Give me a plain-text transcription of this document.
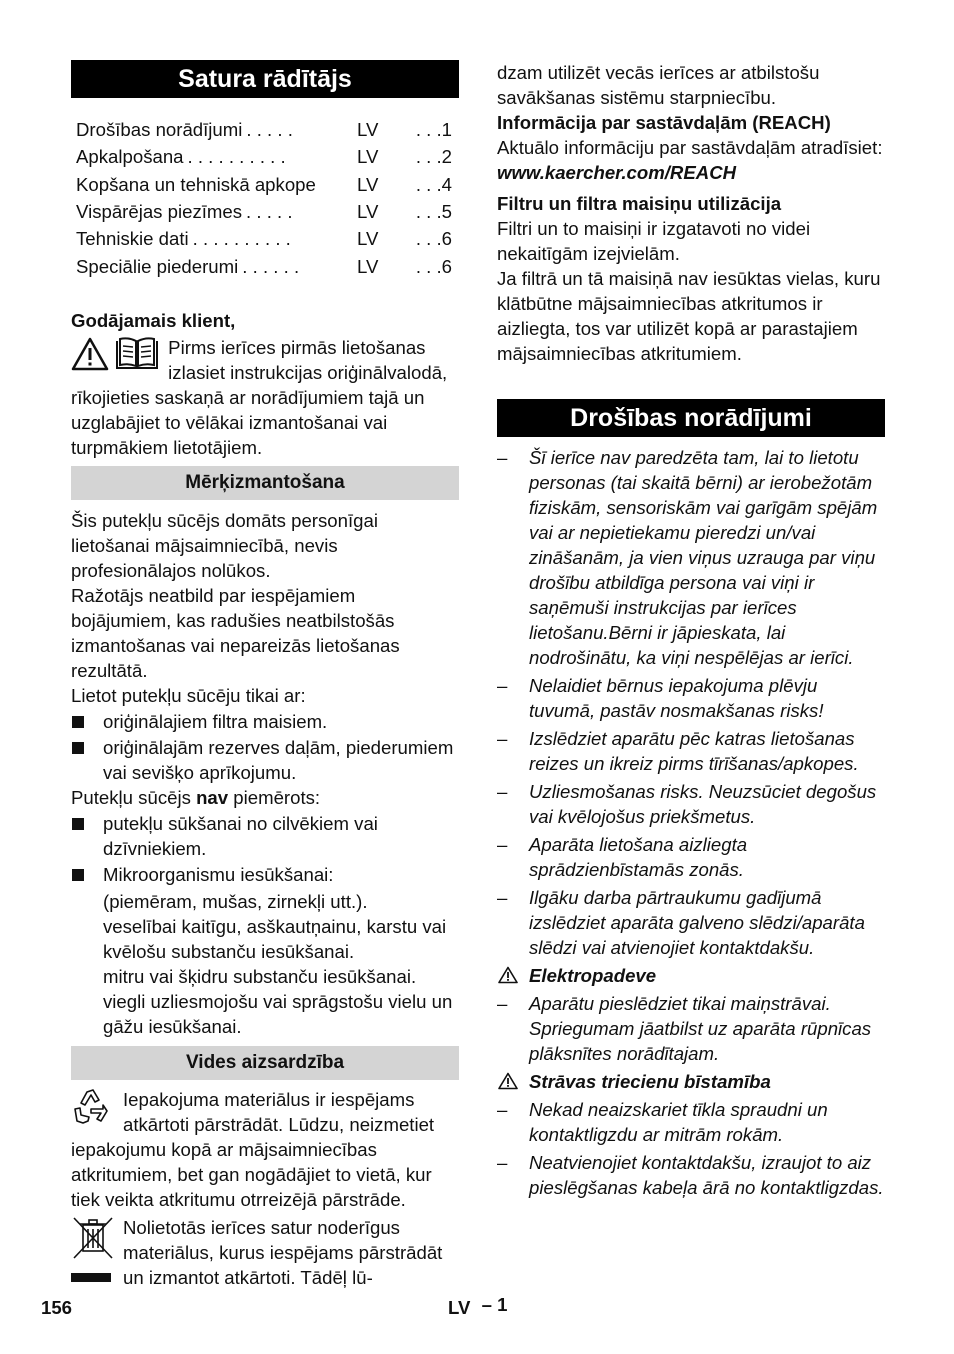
Satura rādītājs
Drošības norādījumi . . . . .	LV	. . .1
Apkalpošana . . . . . . . . . .	LV	. . .2
Kopšana un tehniskā apkope	LV	. . .4
Vispārējas piezīmes . . . . .	LV	. . .5
Tehniskie dati . . . . . . . . . .	LV	. . .6
Speciālie piederumi . . . . . .	LV	. . .6

Godājamais klient,

Pirms ierīces pirmās lietošanas izlasiet instrukcijas oriģinālvalodā, rīkojieties saskaņā ar norādījumiem tajā un uzglabājiet to vēlākai izmantošanai vai turpmākiem lietotājiem.

Mērķizmantošana

Šis putekļu sūcējs domāts personīgai lietošanai mājsaimniecībā, nevis profesionālajos nolūkos.

Ražotājs neatbild par iespējamiem bojājumiem, kas radušies neatbilstošās izmantošanas vai nepareizās lietošanas rezultātā.

Lietot putekļu sūcēju tikai ar:

oriģinālajiem filtra maisiem.
oriģinālajām rezerves daļām, piederumiem vai sevišķo aprīkojumu.

Putekļu sūcējs nav piemērots:

putekļu sūkšanai no cilvēkiem vai dzīvniekiem.
Mikroorganismu iesūkšanai:

(piemēram, mušas, zirnekļi utt.).

veselībai kaitīgu, asškautņainu, karstu vai kvēlošu substanču iesūkšanai.

mitru vai šķidru substanču iesūkšanai.

viegli uzliesmojošu vai sprāgstošu vielu un gāžu iesūkšanai.

Vides aizsardzība

Iepakojuma materiālus ir iespējams atkārtoti pārstrādāt. Lūdzu, neizmetiet iepakojumu kopā ar mājsaimniecības atkritumiem, bet gan nogādājiet to vietā, kur tiek veikta atkritumu otrreizējā pārstrāde.

Nolietotās ierīces satur noderīgus materiālus, kurus iespējams pārstrādāt un izmantot atkārtoti. Tādēļ lū-

dzam utilizēt vecās ierīces ar atbilstošu savākšanas sistēmu starpniecību.

Informācija par sastāvdaļām (REACH)

Aktuālo informāciju par sastāvdaļām atradīsiet:

www.kaercher.com/REACH

Filtru un filtra maisiņu utilizācija

Filtri un to maisiņi ir izgatavoti no videi nekaitīgām izejvielām.

Ja filtrā un tā maisiņā nav iesūktas vielas, kuru klātbūtne mājsaimniecības atkritumos ir aizliegta, tos var utilizēt kopā ar parastajiem mājsaimniecības atkritumiem.

Drošības norādījumi
– Šī ierīce nav paredzēta tam, lai to lietotu personas (tai skaitā bērni) ar ierobežotām fiziskām, sensoriskām vai garīgām spējām vai ar nepietiekamu pieredzi un/vai zināšanām, ja vien viņus uzrauga par viņu drošību atbildīga persona vai viņi ir saņēmuši instrukcijas par ierīces lietošanu.Bērni ir jāpieskata, lai nodrošinātu, ka viņi nespēlējas ar ierīci.
– Nelaidiet bērnus iepakojuma plēvju tuvumā, pastāv nosmakšanas risks!
– Izslēdziet aparātu pēc katras lietošanas reizes un ikreiz pirms tīrīšanas/apkopes.
– Uzliesmošanas risks. Neuzsūciet degošus vai kvēlojošus priekšmetus.
– Aparāta lietošana aizliegta sprādzienbīstamās zonās.
– Ilgāku darba pārtraukumu gadījumā izslēdziet aparāta galveno slēdzi/aparāta slēdzi vai atvienojiet kontaktdakšu.
Elektropadeve
– Aparātu pieslēdziet tikai maiņstrāvai. Spriegumam jāatbilst uz aparāta rūpnīcas plāksnītes norādītajam.
Strāvas triecienu bīstamība
– Nekad neaizskariet tīkla spraudni un kontaktligzdu ar mitrām rokām.
– Neatvienojiet kontaktdakšu, izraujot to aiz pieslēgšanas kabeļa ārā no kontaktligzdas.
156	LV – 1
